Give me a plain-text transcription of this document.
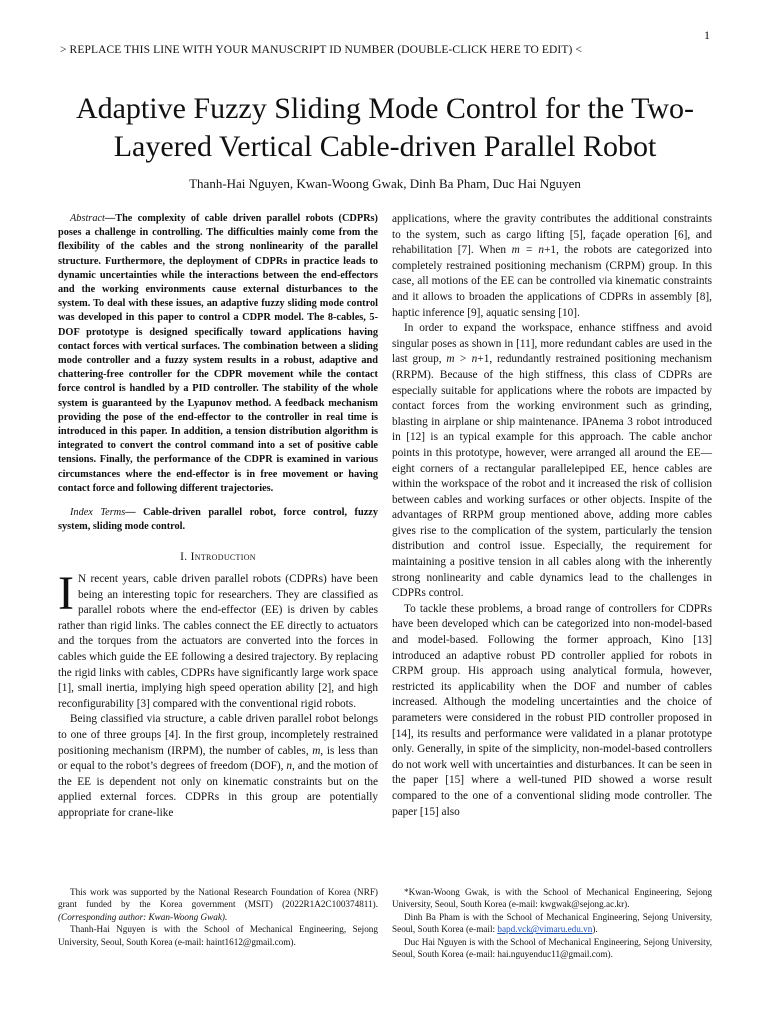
1
> REPLACE THIS LINE WITH YOUR MANUSCRIPT ID NUMBER (DOUBLE-CLICK HERE TO EDIT) <
Adaptive Fuzzy Sliding Mode Control for the Two-
Layered Vertical Cable-driven Parallel Robot
Thanh-Hai Nguyen, Kwan-Woong Gwak, Dinh Ba Pham, Duc Hai Nguyen

Abstract—The complexity of cable driven parallel robots (CDPRs) poses a challenge in controlling. The difficulties mainly come from the flexibility of the cables and the strong nonlinearity of the parallel structure. Furthermore, the deployment of CDPRs in practice leads to dynamic uncertainties while the interactions between the end-effectors and the working environments cause external disturbances to the system. To deal with these issues, an adaptive fuzzy sliding mode control was developed in this paper to control a CDPR model. The 8-cables, 5-DOF prototype is designed specifically toward applications having contact forces with vertical surfaces. The combination between a sliding mode controller and a fuzzy system results in a robust, adaptive and chattering-free controller for the CDPR movement while the contact force control is handled by a PID controller. The stability of the whole system is guaranteed by the Lyapunov method. A feedback mechanism providing the pose of the end-effector to the controller in real time is introduced in this paper. In addition, a tension distribution algorithm is integrated to convert the control command into a set of positive cable tensions. Finally, the performance of the CDPR is examined in various circumstances where the end-effector is in free movement or having contact force and following different trajectories.

Index Terms— Cable-driven parallel robot, force control, fuzzy system, sliding mode control.

I. Introduction

I N recent years, cable driven parallel robots (CDPRs) have been being an interesting topic for researchers. They are classified as parallel robots where the end-effector (EE) is driven by cables rather than rigid links. The cables connect the EE directly to actuators and the torques from the actuators are converted into the forces in cables which guide the EE following a desired trajectory. By replacing the rigid links with cables, CDPRs have significantly large work space [1], small inertia, implying high speed operation ability [2], and high reconfigurability [3] compared with the conventional rigid robots.

Being classified via structure, a cable driven parallel robot belongs to one of three groups [4]. In the first group, incompletely restrained positioning mechanism (IRPM), the number of cables, m, is less than or equal to the robot’s degrees of freedom (DOF), n, and the motion of the EE is dependent not only on kinematic constraints but on the applied external forces. CDPRs in this group are potentially appropriate for crane-like

applications, where the gravity contributes the additional constraints to the system, such as cargo lifting [5], façade operation [6], and rehabilitation [7]. When m = n+1, the robots are categorized into completely restrained positioning mechanism (CRPM) group. In this case, all motions of the EE can be controlled via kinematic constraints and it allows to broaden the applications of CDPRs in assembly [8], haptic inference [9], aquatic sensing [10].

In order to expand the workspace, enhance stiffness and avoid singular poses as shown in [11], more redundant cables are used in the last group, m > n+1, redundantly restrained positioning mechanism (RRPM). Because of the high stiffness, this class of CDPRs are especially suitable for applications where the robots are impacted by contact forces from the working environment such as grinding, blasting in airplane or ship maintenance. IPAnema 3 robot introduced in [12] is an typical example for this approach. The cable anchor points in this prototype, however, were arranged all around the EE—eight corners of a rectangular parallelepiped EE, hence cables are within the workspace of the robot and it increased the risk of collision between cables and working surfaces or other objects. Inspite of the advantages of RRPM group mentioned above, adding more cables gives rise to the complication of the system, particularly the tension distribution and control issue. Especially, the requirement for maintaining a positive tension in all cables along with the inherently strong nonlinearity and cable dynamics lead to the challenges in CDPRs control.

To tackle these problems, a broad range of controllers for CDPRs have been developed which can be categorized into non-model-based and model-based. Following the former approach, Kino [13] introduced an adaptive robust PD controller applied for robots in CRPM group. His approach using analytical formula, however, restricted its applicability when the DOF and number of cables increased. Although the modeling uncertainties and the choice of parameters were considered in the robust PID controller proposed in [14], its results and performance were validated in a planar prototype only. Generally, in spite of the simplicity, non-model-based controllers do not work well with uncertainties and disturbances. It can be seen in the paper [15] where a well-tuned PID showed a worse result compared to the one of a conventional sliding mode controller. The paper [15] also

This work was supported by the National Research Foundation of Korea (NRF) grant funded by the Korea government (MSIT) (2022R1A2C100374811). (Corresponding author: Kwan-Woong Gwak).

Thanh-Hai Nguyen is with the School of Mechanical Engineering, Sejong University, Seoul, South Korea (e-mail: haint1612@gmail.com).

*Kwan-Woong Gwak, is with the School of Mechanical Engineering, Sejong University, Seoul, South Korea (e-mail: kwgwak@sejong.ac.kr).

Dinh Ba Pham is with the School of Mechanical Engineering, Sejong University, Seoul, South Korea (e-mail: bapd.vck@vimaru.edu.vn).

Duc Hai Nguyen is with the School of Mechanical Engineering, Sejong University, Seoul, South Korea (e-mail: hai.nguyenduc11@gmail.com).
